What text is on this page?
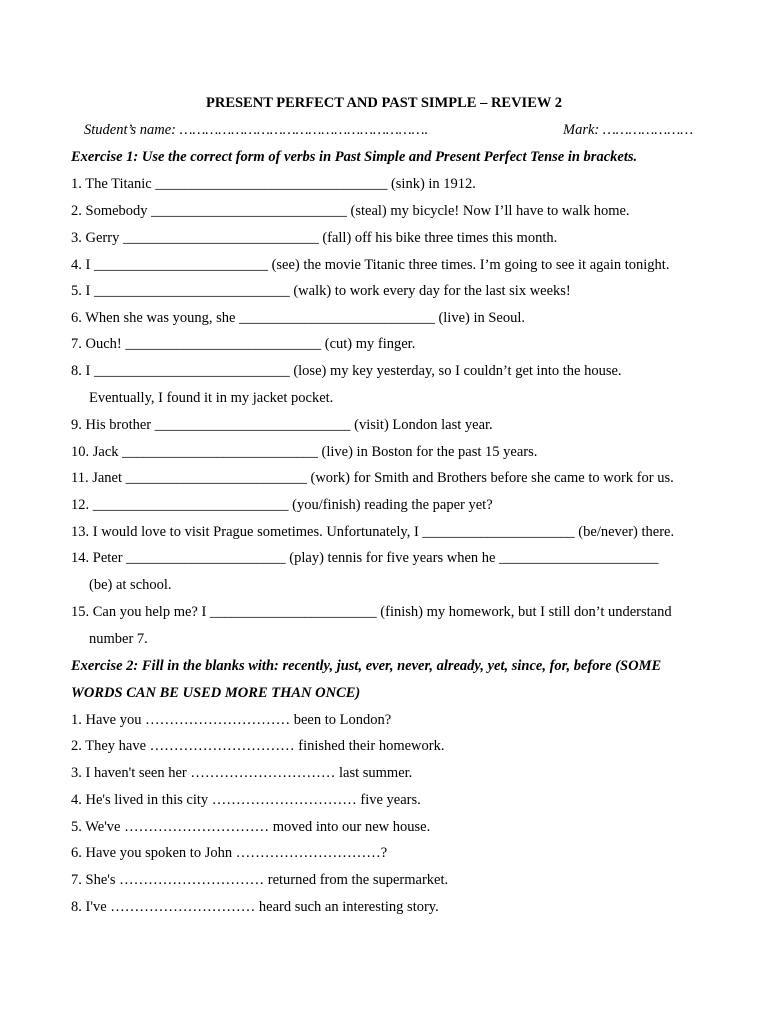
PRESENT PERFECT AND PAST SIMPLE – REVIEW 2
Student’s name: ………………………………………………….	Mark: …………………
Exercise 1: Use the correct form of verbs in Past Simple and Present Perfect Tense in brackets.
1. The Titanic ________________________________ (sink) in 1912.
2. Somebody ___________________________ (steal) my bicycle! Now I’ll have to walk home.
3. Gerry ___________________________ (fall) off his bike three times this month.
4. I ________________________ (see) the movie Titanic three times. I’m going to see it again tonight.
5. I ___________________________ (walk) to work every day for the last six weeks!
6. When she was young, she ___________________________ (live) in Seoul.
7. Ouch! ___________________________ (cut) my finger.
8. I ___________________________ (lose) my key yesterday, so I couldn’t get into the house.
Eventually, I found it in my jacket pocket.
9. His brother ___________________________ (visit) London last year.
10. Jack ___________________________ (live) in Boston for the past 15 years.
11. Janet _________________________ (work) for Smith and Brothers before she came to work for us.
12. ___________________________ (you/finish) reading the paper yet?
13. I would love to visit Prague sometimes. Unfortunately, I _____________________ (be/never) there.
14. Peter ______________________ (play) tennis for five years when he ______________________
(be) at school.
15. Can you help me? I _______________________ (finish) my homework, but I still don’t understand
number 7.
Exercise 2: Fill in the blanks with: recently, just, ever, never, already, yet, since, for, before (SOME
WORDS CAN BE USED MORE THAN ONCE)
1. Have you ………………………… been to London?
2. They have ………………………… finished their homework.
3. I haven't seen her ………………………… last summer.
4. He's lived in this city ………………………… five years.
5. We've ………………………… moved into our new house.
6. Have you spoken to John …………………………?
7. She's ………………………… returned from the supermarket.
8. I've ………………………… heard such an interesting story.
